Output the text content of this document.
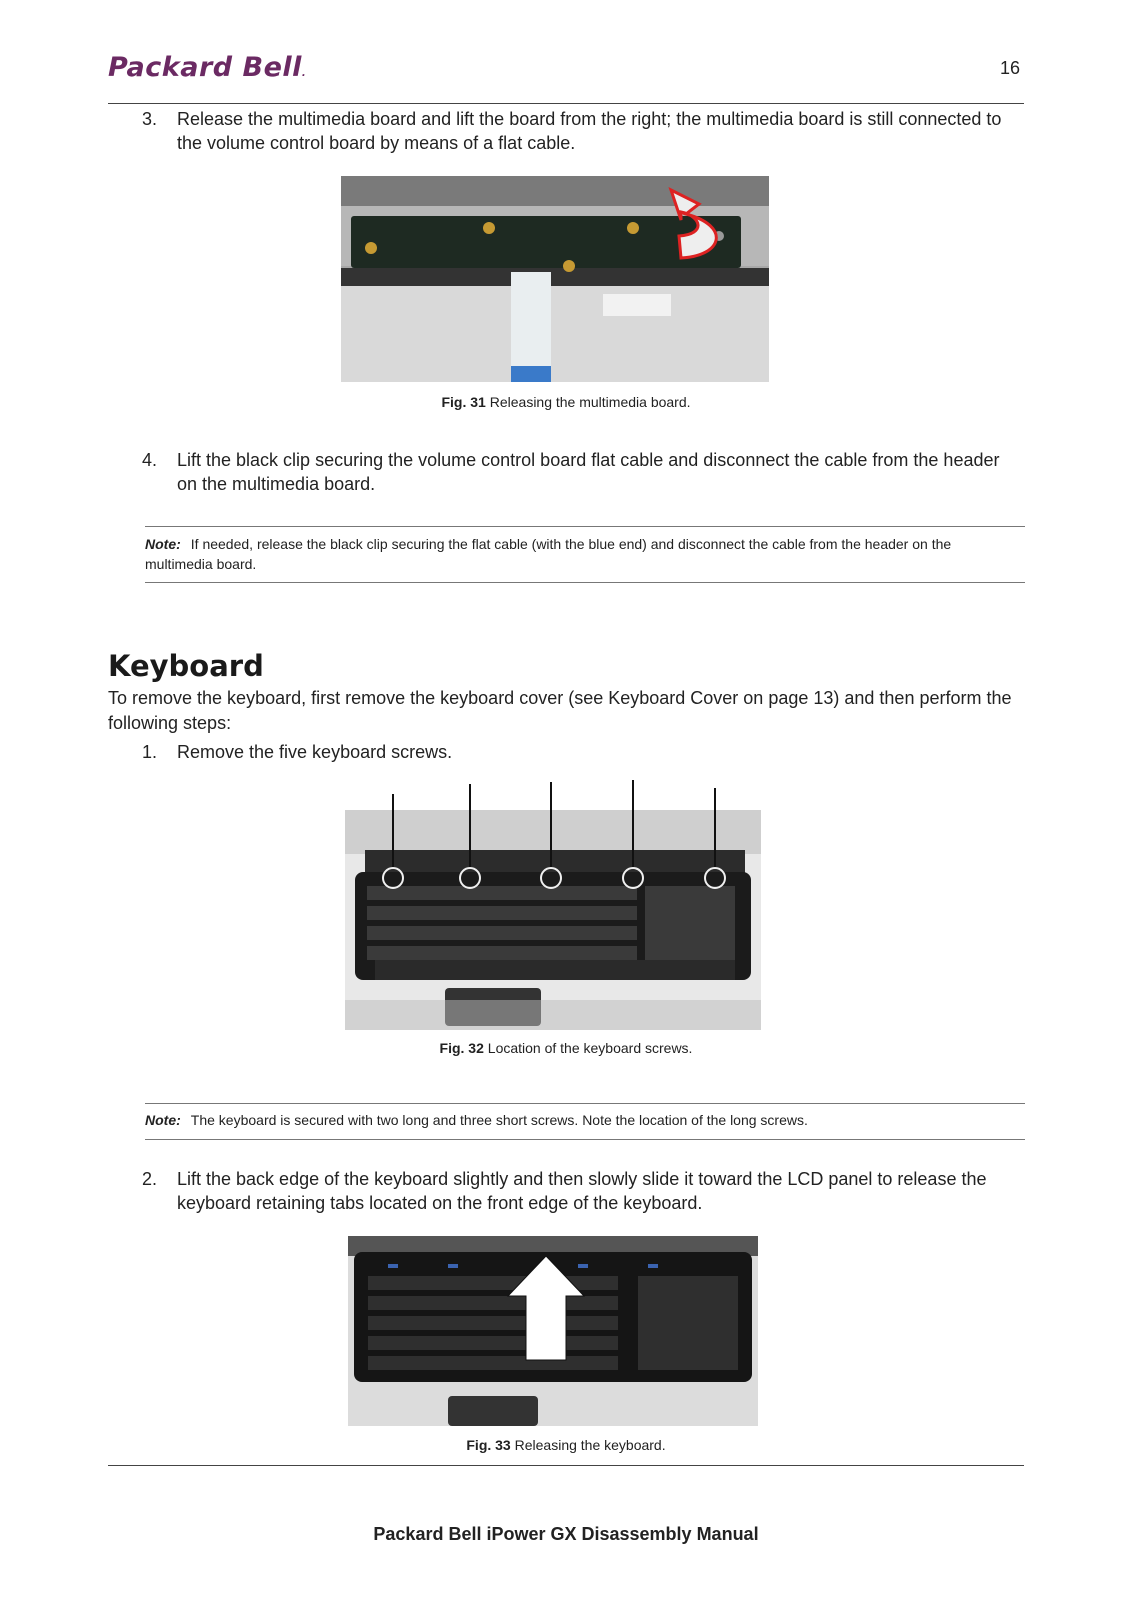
Packard Bell.	16
3. Release the multimedia board and lift the board from the right; the multimedia board is still connected to the volume control board by means of a flat cable.
Fig. 31 Releasing the multimedia board.
4. Lift the black clip securing the volume control board flat cable and disconnect the cable from the header on the multimedia board.
Note: If needed, release the black clip securing the flat cable (with the blue end) and disconnect the cable from the header on the multimedia board.
Keyboard
To remove the keyboard, first remove the keyboard cover (see Keyboard Cover on page 13) and then perform the following steps:
1. Remove the five keyboard screws.
Fig. 32 Location of the keyboard screws.
Note: The keyboard is secured with two long and three short screws. Note the location of the long screws.
2. Lift the back edge of the keyboard slightly and then slowly slide it toward the LCD panel to release the keyboard retaining tabs located on the front edge of the keyboard.
Fig. 33 Releasing the keyboard.
Packard Bell iPower GX Disassembly Manual
